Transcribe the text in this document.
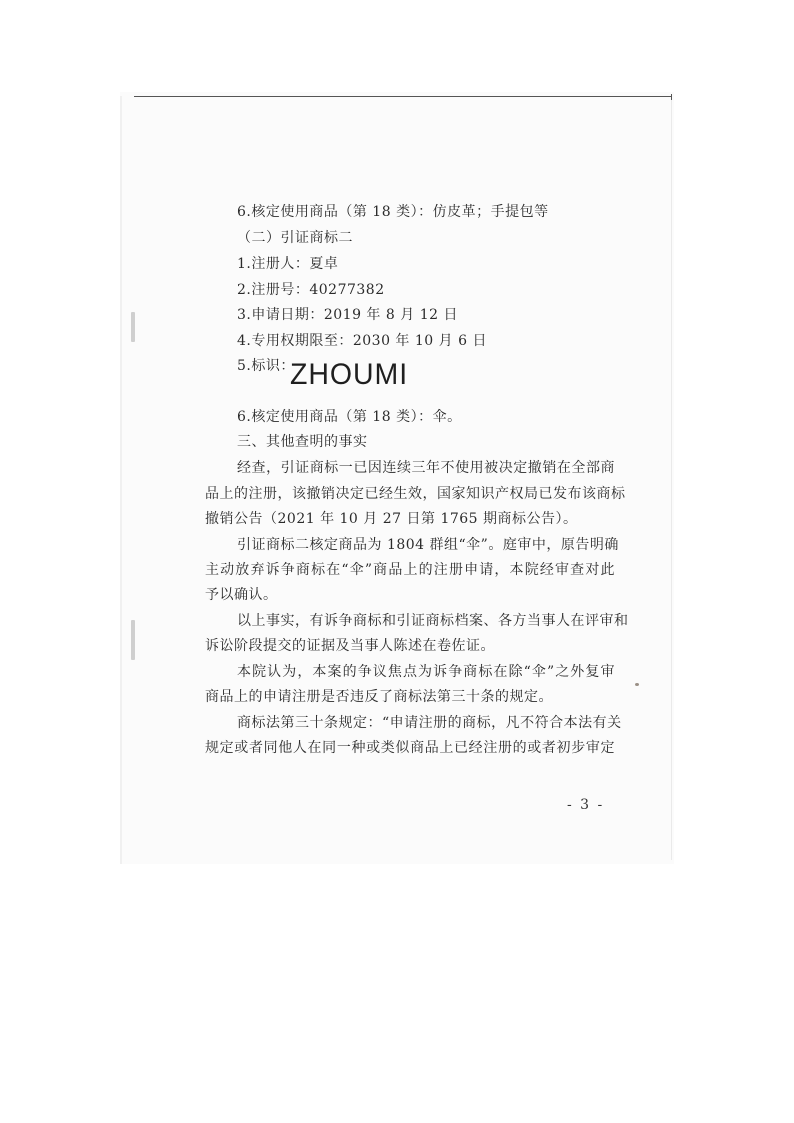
6.核定使用商品（第 18 类）：仿皮革；手提包等

（二）引证商标二

1.注册人：夏卓

2.注册号：40277382

3.申请日期：2019 年 8 月 12 日

4.专用权期限至：2030 年 10 月 6 日

5.标识：

ZHOUMI

6.核定使用商品（第 18 类）：伞。

三、其他查明的事实

经查，引证商标一已因连续三年不使用被决定撤销在全部商

品上的注册，该撤销决定已经生效，国家知识产权局已发布该商标

撤销公告（2021 年 10 月 27 日第 1765 期商标公告）。

引证商标二核定商品为 1804 群组“伞”。庭审中，原告明确

主动放弃诉争商标在“伞”商品上的注册申请，本院经审查对此

予以确认。

以上事实，有诉争商标和引证商标档案、各方当事人在评审和

诉讼阶段提交的证据及当事人陈述在卷佐证。

本院认为，本案的争议焦点为诉争商标在除“伞”之外复审

商品上的申请注册是否违反了商标法第三十条的规定。

商标法第三十条规定：“申请注册的商标，凡不符合本法有关

规定或者同他人在同一种或类似商品上已经注册的或者初步审定

- 3 -
